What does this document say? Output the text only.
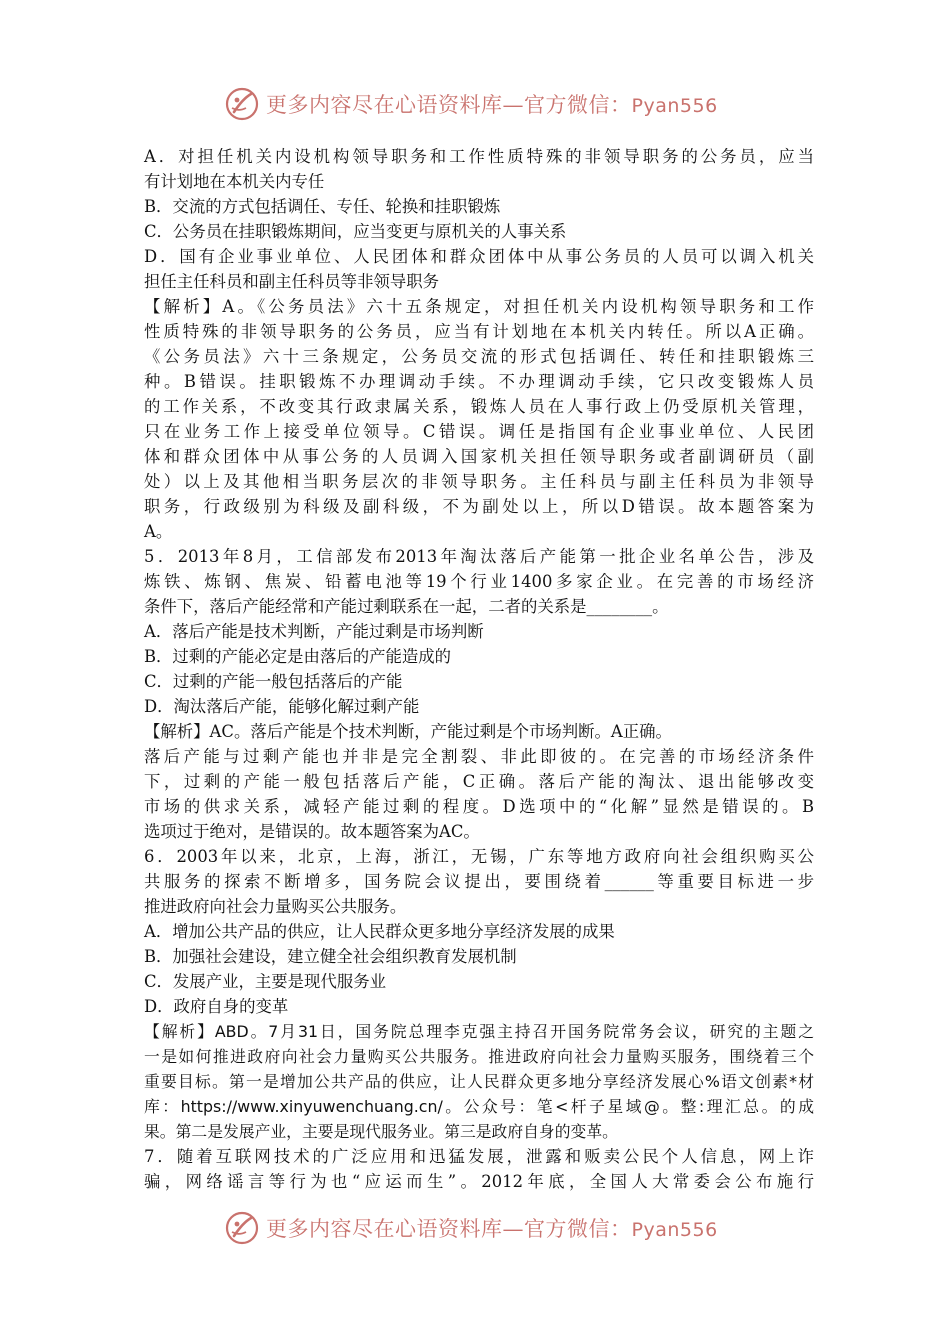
更多内容尽在心语资料库—官方微信：Pyan556
A．对担任机关内设机构领导职务和工作性质特殊的非领导职务的公务员，应当
有计划地在本机关内专任
B．交流的方式包括调任、专任、轮换和挂职锻炼
C．公务员在挂职锻炼期间，应当变更与原机关的人事关系
D．国有企业事业单位、人民团体和群众团体中从事公务员的人员可以调入机关
担任主任科员和副主任科员等非领导职务
【解析】A。《公务员法》六十五条规定，对担任机关内设机构领导职务和工作
性质特殊的非领导职务的公务员，应当有计划地在本机关内转任。所以A正确。
《公务员法》六十三条规定，公务员交流的形式包括调任、转任和挂职锻炼三
种。B错误。挂职锻炼不办理调动手续。不办理调动手续，它只改变锻炼人员
的工作关系，不改变其行政隶属关系，锻炼人员在人事行政上仍受原机关管理，
只在业务工作上接受单位领导。C错误。调任是指国有企业事业单位、人民团
体和群众团体中从事公务的人员调入国家机关担任领导职务或者副调研员（副
处）以上及其他相当职务层次的非领导职务。主任科员与副主任科员为非领导
职务，行政级别为科级及副科级，不为副处以上，所以D错误。故本题答案为
A。
5．2013年8月，工信部发布2013年淘汰落后产能第一批企业名单公告，涉及
炼铁、炼钢、焦炭、铅蓄电池等19个行业1400多家企业。在完善的市场经济
条件下，落后产能经常和产能过剩联系在一起，二者的关系是________。
A．落后产能是技术判断，产能过剩是市场判断
B．过剩的产能必定是由落后的产能造成的
C．过剩的产能一般包括落后的产能
D．淘汰落后产能，能够化解过剩产能
【解析】AC。落后产能是个技术判断，产能过剩是个市场判断。A正确。
落后产能与过剩产能也并非是完全割裂、非此即彼的。在完善的市场经济条件
下，过剩的产能一般包括落后产能，C正确。落后产能的淘汰、退出能够改变
市场的供求关系，减轻产能过剩的程度。D选项中的“化解”显然是错误的。B
选项过于绝对，是错误的。故本题答案为AC。
6．2003年以来，北京，上海，浙江，无锡，广东等地方政府向社会组织购买公
共服务的探索不断增多，国务院会议提出，要围绕着______等重要目标进一步
推进政府向社会力量购买公共服务。
A．增加公共产品的供应，让人民群众更多地分享经济发展的成果
B．加强社会建设，建立健全社会组织教育发展机制
C．发展产业，主要是现代服务业
D．政府自身的变革
【解析】ABD。7月31日，国务院总理李克强主持召开国务院常务会议，研究的主题之
一是如何推进政府向社会力量购买公共服务。推进政府向社会力量购买服务，围绕着三个
重要目标。第一是增加公共产品的供应，让人民群众更多地分享经济发展心%语文创素*材
库：https://www.xinyuwenchuang.cn/。公众号：笔<杆子星域@。整:理汇总。的成
果。第二是发展产业，主要是现代服务业。第三是政府自身的变革。
7．随着互联网技术的广泛应用和迅猛发展，泄露和贩卖公民个人信息，网上诈
骗，网络谣言等行为也“应运而生”。2012年底，全国人大常委会公布施行
更多内容尽在心语资料库—官方微信：Pyan556
